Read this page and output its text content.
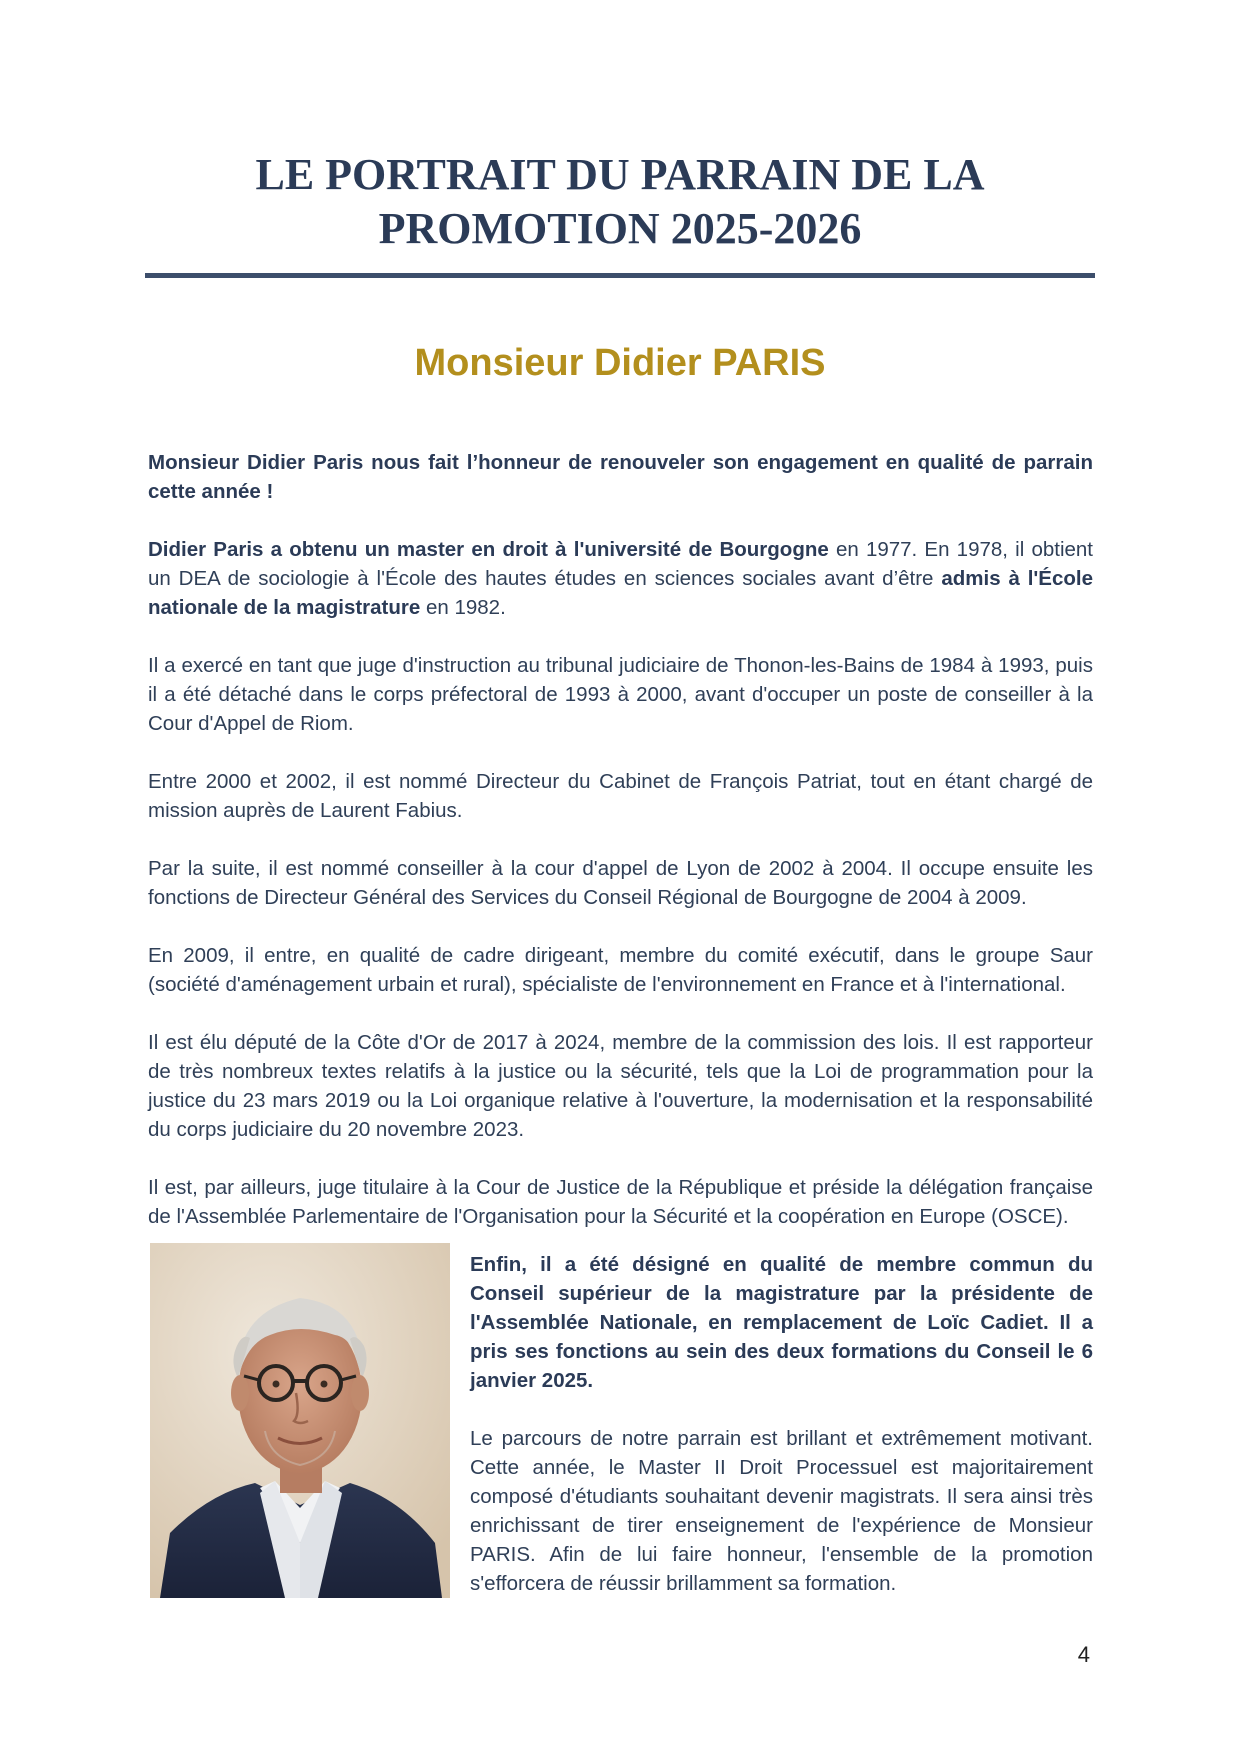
LE PORTRAIT DU PARRAIN DE LA
PROMOTION 2025-2026
Monsieur Didier PARIS

Monsieur Didier Paris nous fait l’honneur de renouveler son engagement en qualité de parrain cette année !

Didier Paris a obtenu un master en droit à l'université de Bourgogne en 1977. En 1978, il obtient un DEA de sociologie à l'École des hautes études en sciences sociales avant d’être admis à l'École nationale de la magistrature en 1982.

Il a exercé en tant que juge d'instruction au tribunal judiciaire de Thonon-les-Bains de 1984 à 1993, puis il a été détaché dans le corps préfectoral de 1993 à 2000, avant d'occuper un poste de conseiller à la Cour d'Appel de Riom.

Entre 2000 et 2002, il est nommé Directeur du Cabinet de François Patriat, tout en étant chargé de mission auprès de Laurent Fabius.

Par la suite, il est nommé conseiller à la cour d'appel de Lyon de 2002 à 2004. Il occupe ensuite les fonctions de Directeur Général des Services du Conseil Régional de Bourgogne de 2004 à 2009.

En 2009, il entre, en qualité de cadre dirigeant, membre du comité exécutif, dans le groupe Saur (société d'aménagement urbain et rural), spécialiste de l'environnement en France et à l'international.

Il est élu député de la Côte d'Or de 2017 à 2024, membre de la commission des lois. Il est rapporteur de très nombreux textes relatifs à la justice ou la sécurité, tels que la Loi de programmation pour la justice du 23 mars 2019 ou la Loi organique relative à l'ouverture, la modernisation et la responsabilité du corps judiciaire du 20 novembre 2023.

Il est, par ailleurs, juge titulaire à la Cour de Justice de la République et préside la délégation française de l'Assemblée Parlementaire de l'Organisation pour la Sécurité et la coopération en Europe (OSCE).

Enfin, il a été désigné en qualité de membre commun du Conseil supérieur de la magistrature par la présidente de l'Assemblée Nationale, en remplacement de Loïc Cadiet. Il a pris ses fonctions au sein des deux formations du Conseil le 6 janvier 2025.

Le parcours de notre parrain est brillant et extrêmement motivant. Cette année, le Master II Droit Processuel est majoritairement composé d'étudiants souhaitant devenir magistrats. Il sera ainsi très enrichissant de tirer enseignement de l'expérience de Monsieur PARIS. Afin de lui faire honneur, l'ensemble de la promotion s'efforcera de réussir brillamment sa formation.

4
